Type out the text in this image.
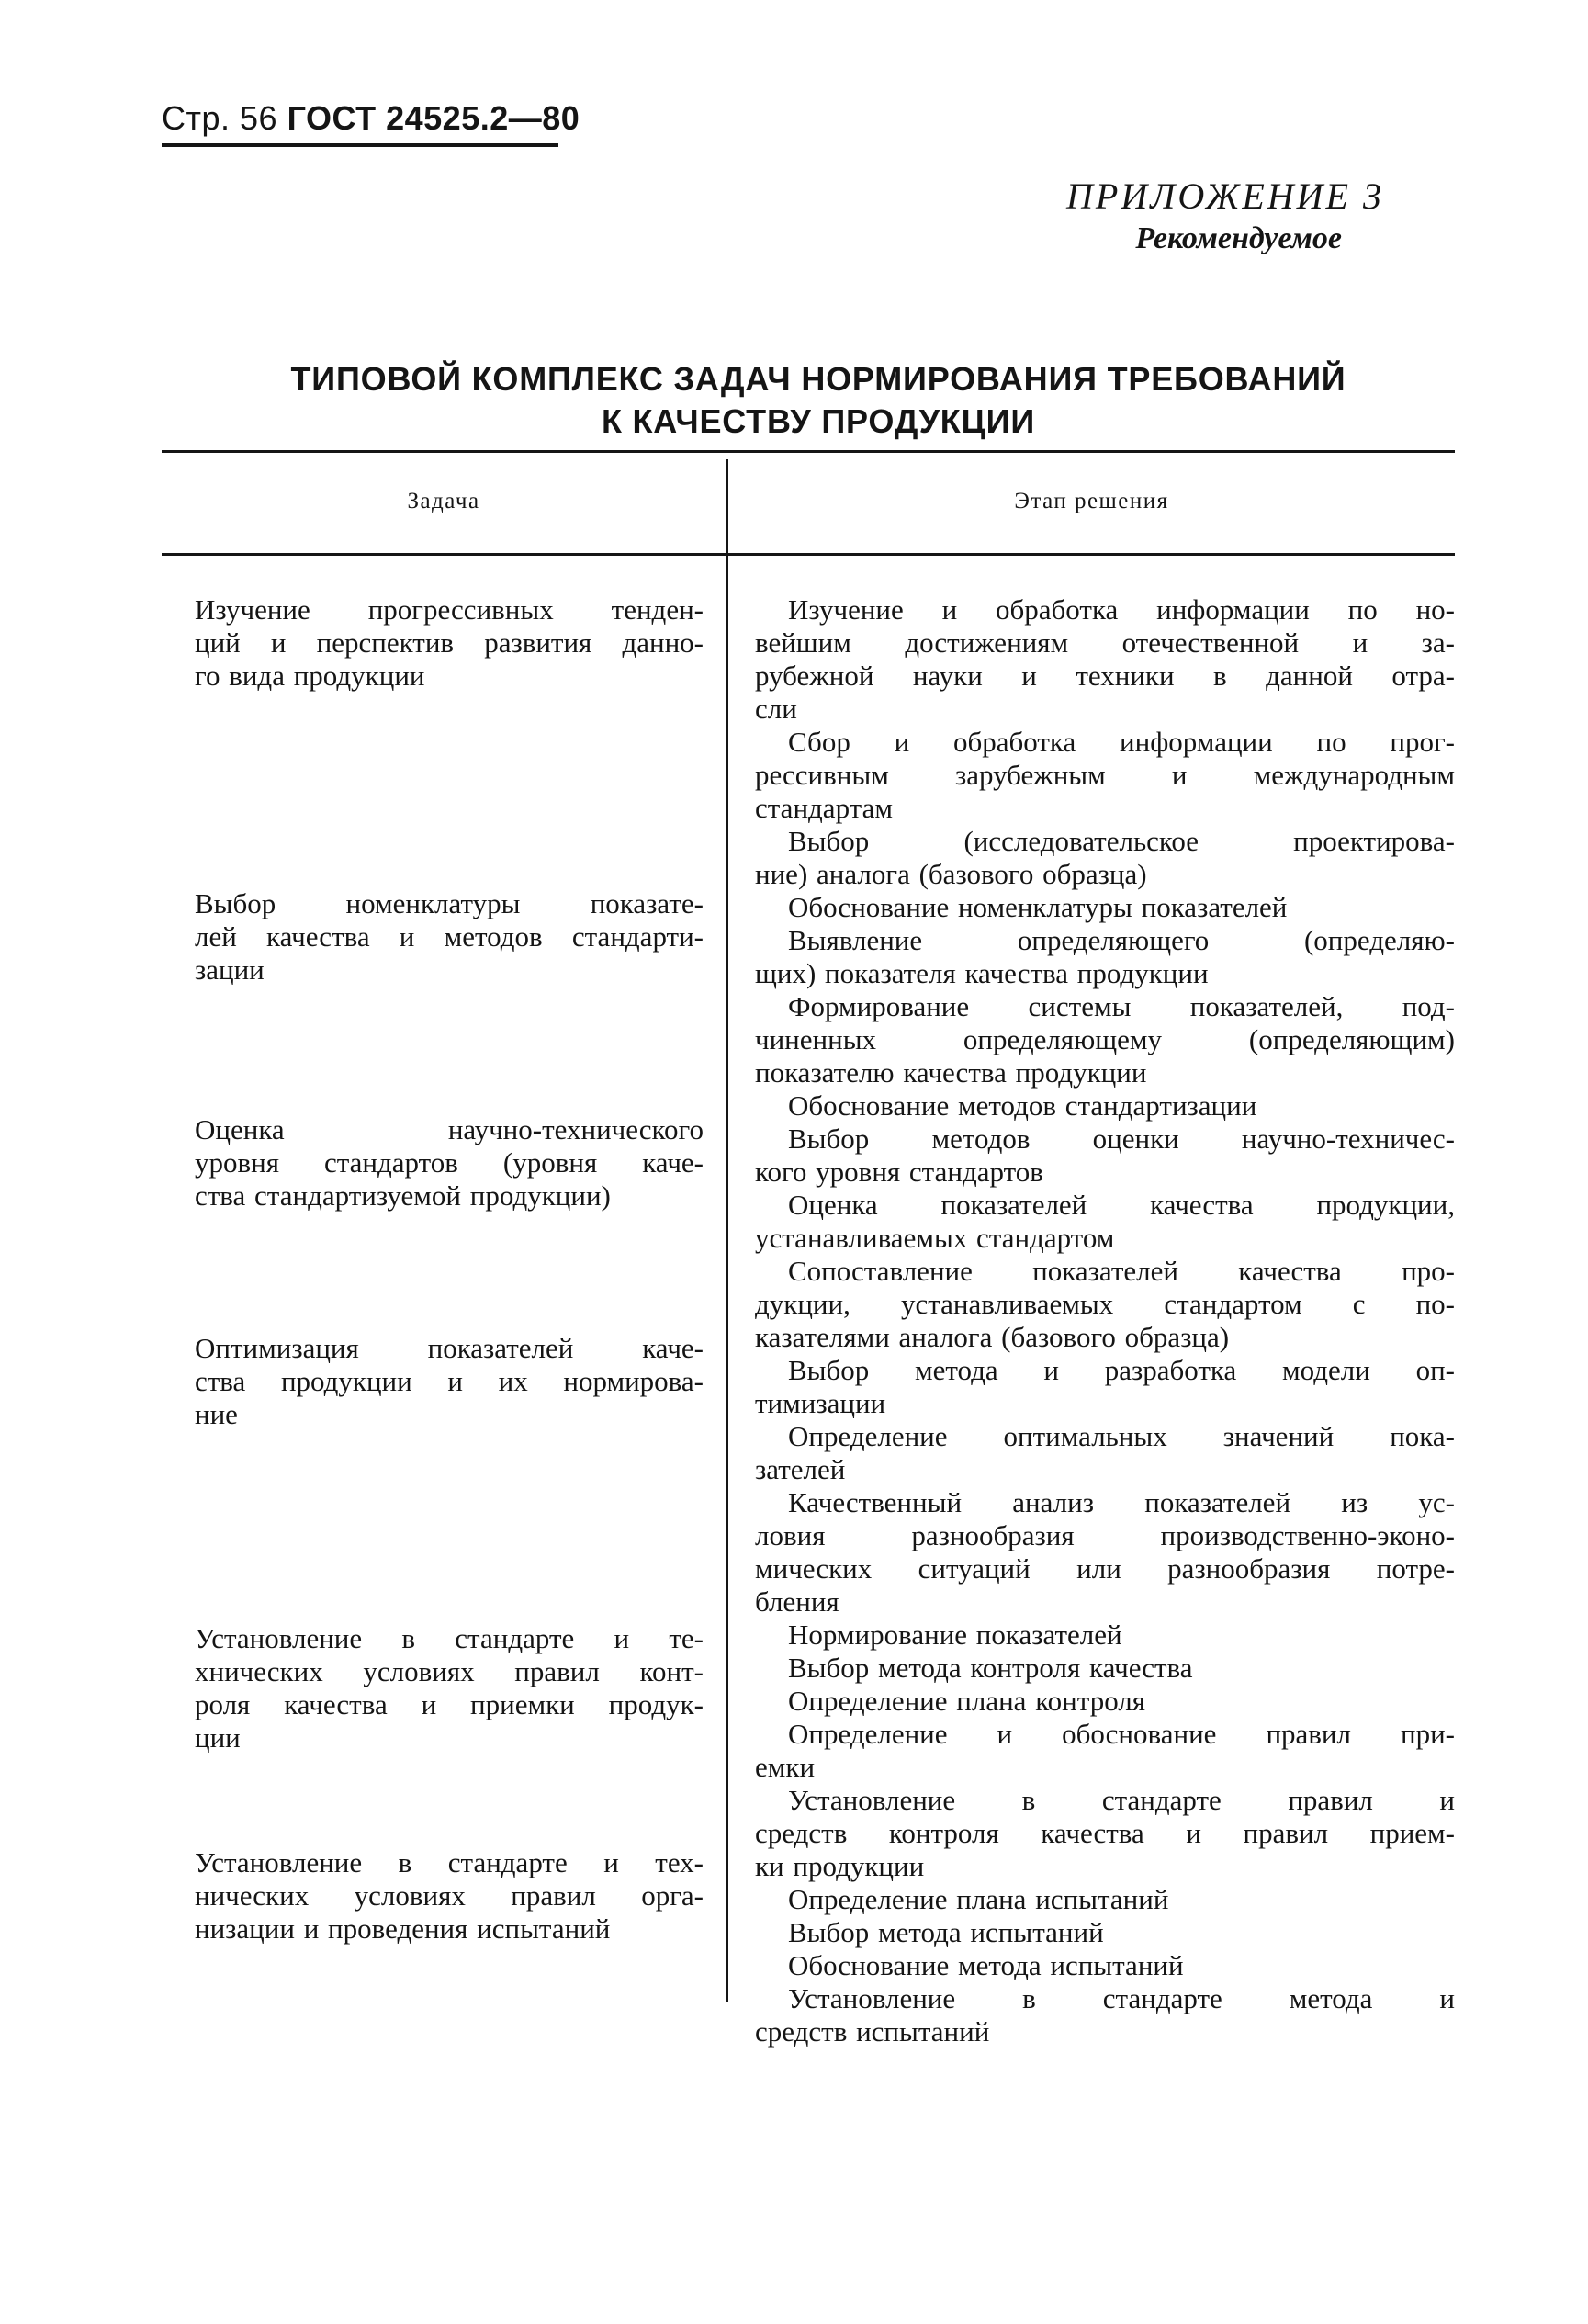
Стр. 56 ГОСТ 24525.2—80
ПРИЛОЖЕНИЕ 3
Рекомендуемое
ТИПОВОЙ КОМПЛЕКС ЗАДАЧ НОРМИРОВАНИЯ ТРЕБОВАНИЙ
К КАЧЕСТВУ ПРОДУКЦИИ
Задача	Этап решения
Изучение прогрессивных тенден-
ций и перспектив развития данно-
го вида продукции
Выбор номенклатуры показате-
лей качества и методов стандарти-
зации
Оценка научно-технического
уровня стандартов (уровня каче-
ства стандартизуемой продукции)
Оптимизация показателей каче-
ства продукции и их нормирова-
ние
Установление в стандарте и те-
хнических условиях правил конт-
роля качества и приемки продук-
ции
Установление в стандарте и тех-
нических условиях правил орга-
низации и проведения испытаний
Изучение и обработка информации по но-
вейшим достижениям отечественной и за-
рубежной науки и техники в данной отра-
сли
Сбор и обработка информации по прог-
рессивным зарубежным и международным
стандартам
Выбор (исследовательское проектирова-
ние) аналога (базового образца)
Обоснование номенклатуры показателей
Выявление определяющего (определяю-
щих) показателя качества продукции
Формирование системы показателей, под-
чиненных определяющему (определяющим)
показателю качества продукции
Обоснование методов стандартизации
Выбор методов оценки научно-техничес-
кого уровня стандартов
Оценка показателей качества продукции,
устанавливаемых стандартом
Сопоставление показателей качества про-
дукции, устанавливаемых стандартом с по-
казателями аналога (базового образца)
Выбор метода и разработка модели оп-
тимизации
Определение оптимальных значений пока-
зателей
Качественный анализ показателей из ус-
ловия разнообразия производственно-эконо-
мических ситуаций или разнообразия потре-
бления
Нормирование показателей
Выбор метода контроля качества
Определение плана контроля
Определение и обоснование правил при-
емки
Установление в стандарте правил и
средств контроля качества и правил прием-
ки продукции
Определение плана испытаний
Выбор метода испытаний
Обоснование метода испытаний
Установление в стандарте метода и
средств испытаний
